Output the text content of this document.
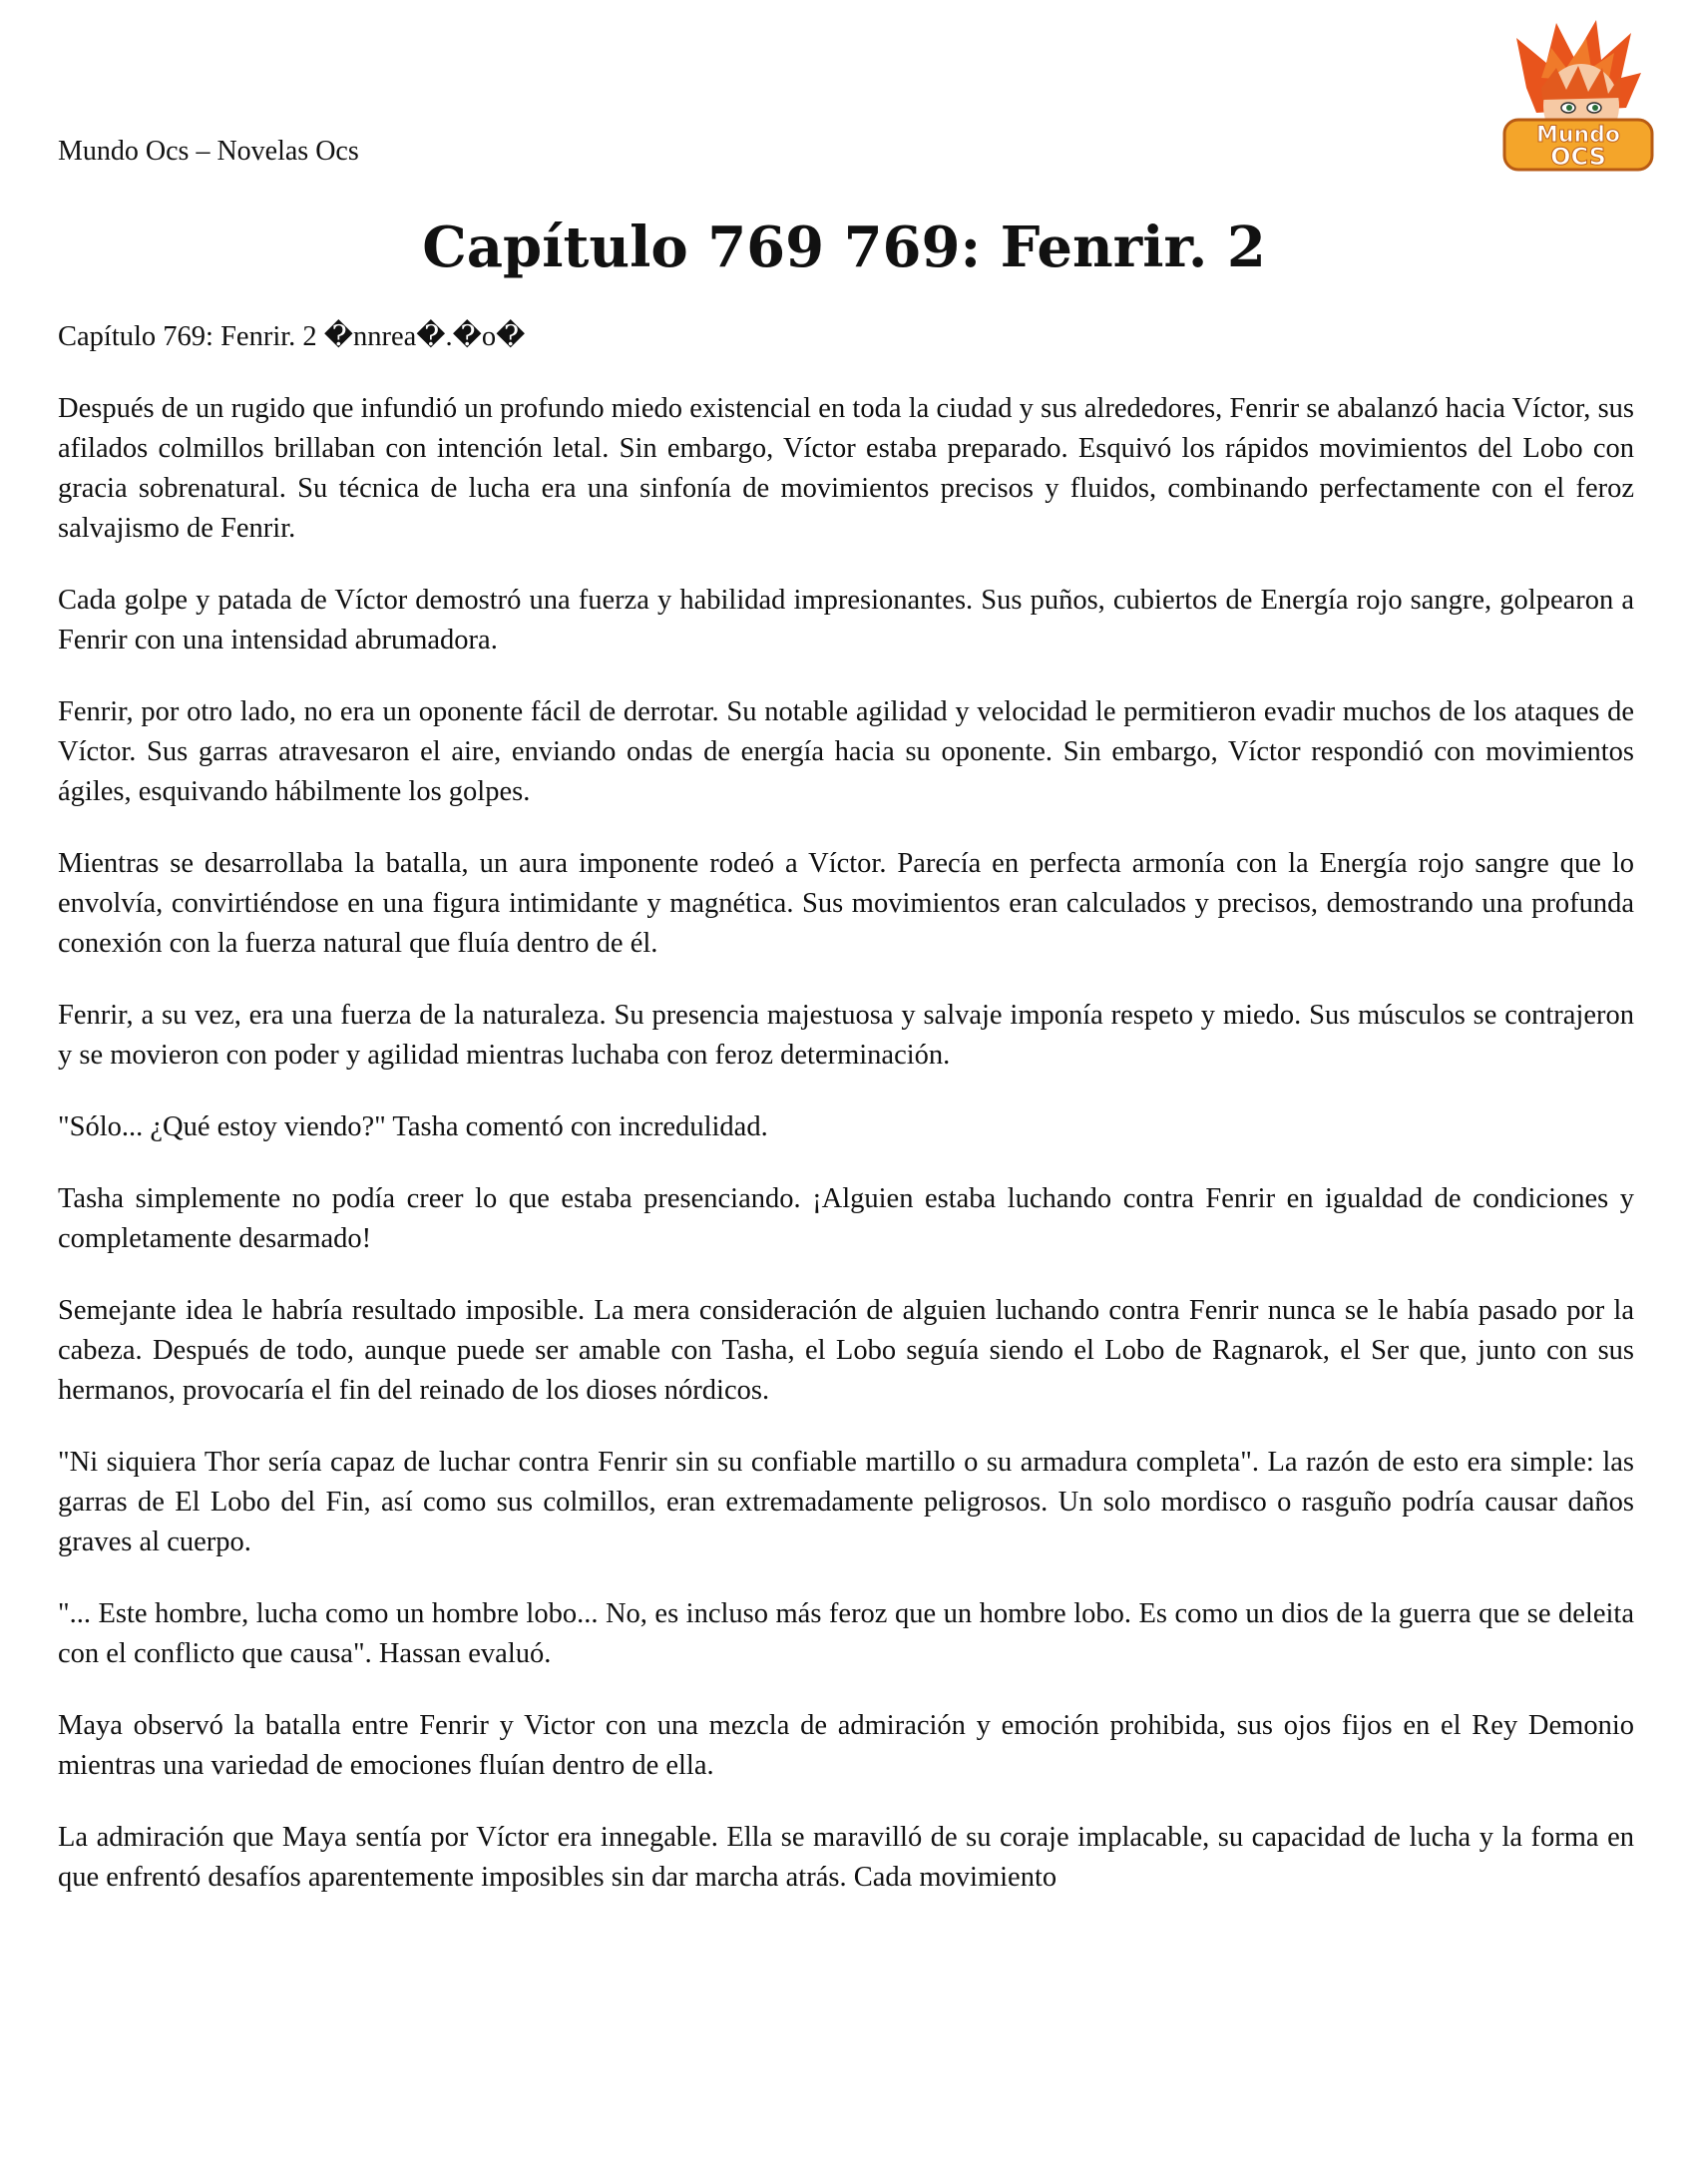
Mundo Ocs – Novelas Ocs
Mundo
OCS
Capítulo 769 769: Fenrir. 2

Capítulo 769: Fenrir. 2 �nnrea�.�o�

Después de un rugido que infundió un profundo miedo existencial en toda la ciudad y sus alrededores, Fenrir se abalanzó hacia Víctor, sus afilados colmillos brillaban con intención letal. Sin embargo, Víctor estaba preparado. Esquivó los rápidos movimientos del Lobo con gracia sobrenatural. Su técnica de lucha era una sinfonía de movimientos precisos y fluidos, combinando perfectamente con el feroz salvajismo de Fenrir.

Cada golpe y patada de Víctor demostró una fuerza y habilidad impresionantes. Sus puños, cubiertos de Energía rojo sangre, golpearon a Fenrir con una intensidad abrumadora.

Fenrir, por otro lado, no era un oponente fácil de derrotar. Su notable agilidad y velocidad le permitieron evadir muchos de los ataques de Víctor. Sus garras atravesaron el aire, enviando ondas de energía hacia su oponente. Sin embargo, Víctor respondió con movimientos ágiles, esquivando hábilmente los golpes.

Mientras se desarrollaba la batalla, un aura imponente rodeó a Víctor. Parecía en perfecta armonía con la Energía rojo sangre que lo envolvía, convirtiéndose en una figura intimidante y magnética. Sus movimientos eran calculados y precisos, demostrando una profunda conexión con la fuerza natural que fluía dentro de él.

Fenrir, a su vez, era una fuerza de la naturaleza. Su presencia majestuosa y salvaje imponía respeto y miedo. Sus músculos se contrajeron y se movieron con poder y agilidad mientras luchaba con feroz determinación.

"Sólo... ¿Qué estoy viendo?" Tasha comentó con incredulidad.

Tasha simplemente no podía creer lo que estaba presenciando. ¡Alguien estaba luchando contra Fenrir en igualdad de condiciones y completamente desarmado!

Semejante idea le habría resultado imposible. La mera consideración de alguien luchando contra Fenrir nunca se le había pasado por la cabeza. Después de todo, aunque puede ser amable con Tasha, el Lobo seguía siendo el Lobo de Ragnarok, el Ser que, junto con sus hermanos, provocaría el fin del reinado de los dioses nórdicos.

"Ni siquiera Thor sería capaz de luchar contra Fenrir sin su confiable martillo o su armadura completa". La razón de esto era simple: las garras de El Lobo del Fin, así como sus colmillos, eran extremadamente peligrosos. Un solo mordisco o rasguño podría causar daños graves al cuerpo.

"... Este hombre, lucha como un hombre lobo... No, es incluso más feroz que un hombre lobo. Es como un dios de la guerra que se deleita con el conflicto que causa". Hassan evaluó.

Maya observó la batalla entre Fenrir y Victor con una mezcla de admiración y emoción prohibida, sus ojos fijos en el Rey Demonio mientras una variedad de emociones fluían dentro de ella.

La admiración que Maya sentía por Víctor era innegable. Ella se maravilló de su coraje implacable, su capacidad de lucha y la forma en que enfrentó desafíos aparentemente imposibles sin dar marcha atrás. Cada movimiento
